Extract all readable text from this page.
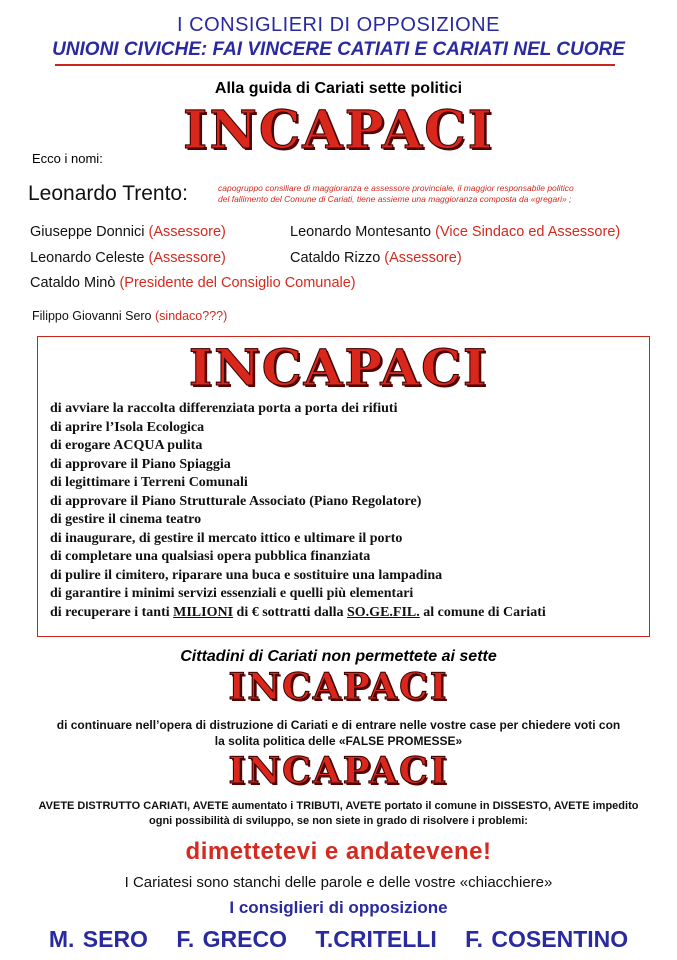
I CONSIGLIERI DI OPPOSIZIONE
UNIONI CIVICHE: FAI VINCERE CATIATI E CARIATI NEL CUORE
Alla guida di Cariati sette politici
INCAPACI
Ecco i nomi:
Leonardo Trento:	capogruppo consiliare di maggioranza e assessore provinciale, il maggior responsabile politico
del fallimento del Comune di Cariati, tiene assieme una maggioranza composta da «gregari» ;
Giuseppe Donnici (Assessore)	Leonardo Montesanto (Vice Sindaco ed Assessore)
Leonardo Celeste (Assessore)	Cataldo Rizzo (Assessore)
Cataldo Minò (Presidente del Consiglio Comunale)
Filippo Giovanni Sero (sindaco???)
INCAPACI
di avviare la raccolta differenziata porta a porta dei rifiuti
di aprire l’Isola Ecologica
di erogare ACQUA pulita
di approvare il Piano Spiaggia
di legittimare i Terreni Comunali
di approvare il Piano Strutturale Associato (Piano Regolatore)
di gestire il cinema teatro
di inaugurare, di gestire il mercato ittico e ultimare il porto
di completare una qualsiasi opera pubblica finanziata
di pulire il cimitero, riparare una buca e sostituire una lampadina
di garantire i minimi servizi essenziali e quelli più elementari
di recuperare i tanti MILIONI di € sottratti dalla SO.GE.FIL. al comune di Cariati
Cittadini di Cariati non permettete ai sette
INCAPACI
di continuare nell’opera di distruzione di Cariati e di entrare nelle vostre case per chiedere voti con
la solita politica delle «FALSE PROMESSE»
INCAPACI
AVETE DISTRUTTO CARIATI, AVETE aumentato i TRIBUTI, AVETE portato il comune in DISSESTO, AVETE impedito
ogni possibilità di sviluppo, se non siete in grado di risolvere i problemi:
dimettetevi e andatevene!
I Cariatesi sono stanchi delle parole e delle vostre «chiacchiere»
I consiglieri di opposizione
M. SERO F. GRECO T.CRITELLI F. COSENTINO
